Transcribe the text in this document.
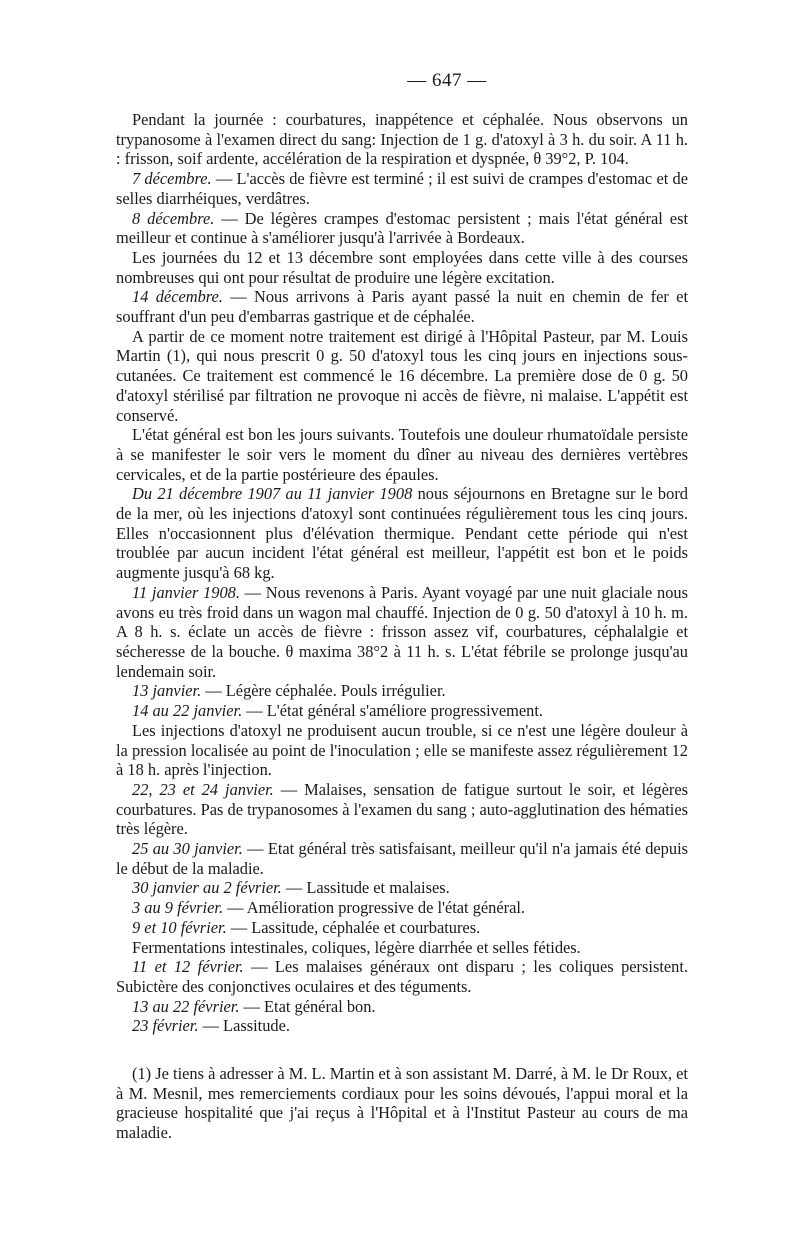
— 647 —

Pendant la journée : courbatures, inappétence et céphalée. Nous observons un trypanosome à l'examen direct du sang: Injection de 1 g. d'atoxyl à 3 h. du soir. A 11 h. : frisson, soif ardente, accélération de la respiration et dyspnée, θ 39°2, P. 104.

7 décembre. — L'accès de fièvre est terminé ; il est suivi de crampes d'estomac et de selles diarrhéiques, verdâtres.

8 décembre. — De légères crampes d'estomac persistent ; mais l'état général est meilleur et continue à s'améliorer jusqu'à l'arrivée à Bordeaux.

Les journées du 12 et 13 décembre sont employées dans cette ville à des courses nombreuses qui ont pour résultat de produire une légère excitation.

14 décembre. — Nous arrivons à Paris ayant passé la nuit en chemin de fer et souffrant d'un peu d'embarras gastrique et de céphalée.

A partir de ce moment notre traitement est dirigé à l'Hôpital Pasteur, par M. Louis Martin (1), qui nous prescrit 0 g. 50 d'atoxyl tous les cinq jours en injections sous-cutanées. Ce traitement est commencé le 16 décembre. La première dose de 0 g. 50 d'atoxyl stérilisé par filtration ne provoque ni accès de fièvre, ni malaise. L'appétit est conservé.

L'état général est bon les jours suivants. Toutefois une douleur rhumatoïdale persiste à se manifester le soir vers le moment du dîner au niveau des dernières vertèbres cervicales, et de la partie postérieure des épaules.

Du 21 décembre 1907 au 11 janvier 1908 nous séjournons en Bretagne sur le bord de la mer, où les injections d'atoxyl sont continuées régulièrement tous les cinq jours. Elles n'occasionnent plus d'élévation thermique. Pendant cette période qui n'est troublée par aucun incident l'état général est meilleur, l'appétit est bon et le poids augmente jusqu'à 68 kg.

11 janvier 1908. — Nous revenons à Paris. Ayant voyagé par une nuit glaciale nous avons eu très froid dans un wagon mal chauffé. Injection de 0 g. 50 d'atoxyl à 10 h. m. A 8 h. s. éclate un accès de fièvre : frisson assez vif, courbatures, céphalalgie et sécheresse de la bouche. θ maxima 38°2 à 11 h. s. L'état fébrile se prolonge jusqu'au lendemain soir.

13 janvier. — Légère céphalée. Pouls irrégulier.

14 au 22 janvier. — L'état général s'améliore progressivement.

Les injections d'atoxyl ne produisent aucun trouble, si ce n'est une légère douleur à la pression localisée au point de l'inoculation ; elle se manifeste assez régulièrement 12 à 18 h. après l'injection.

22, 23 et 24 janvier. — Malaises, sensation de fatigue surtout le soir, et légères courbatures. Pas de trypanosomes à l'examen du sang ; auto-agglutination des hématies très légère.

25 au 30 janvier. — Etat général très satisfaisant, meilleur qu'il n'a jamais été depuis le début de la maladie.

30 janvier au 2 février. — Lassitude et malaises.

3 au 9 février. — Amélioration progressive de l'état général.

9 et 10 février. — Lassitude, céphalée et courbatures.

Fermentations intestinales, coliques, légère diarrhée et selles fétides.

11 et 12 février. — Les malaises généraux ont disparu ; les coliques persistent. Subictère des conjonctives oculaires et des téguments.

13 au 22 février. — Etat général bon.

23 février. — Lassitude.

(1) Je tiens à adresser à M. L. Martin et à son assistant M. Darré, à M. le Dr Roux, et à M. Mesnil, mes remerciements cordiaux pour les soins dévoués, l'appui moral et la gracieuse hospitalité que j'ai reçus à l'Hôpital et à l'Institut Pasteur au cours de ma maladie.
